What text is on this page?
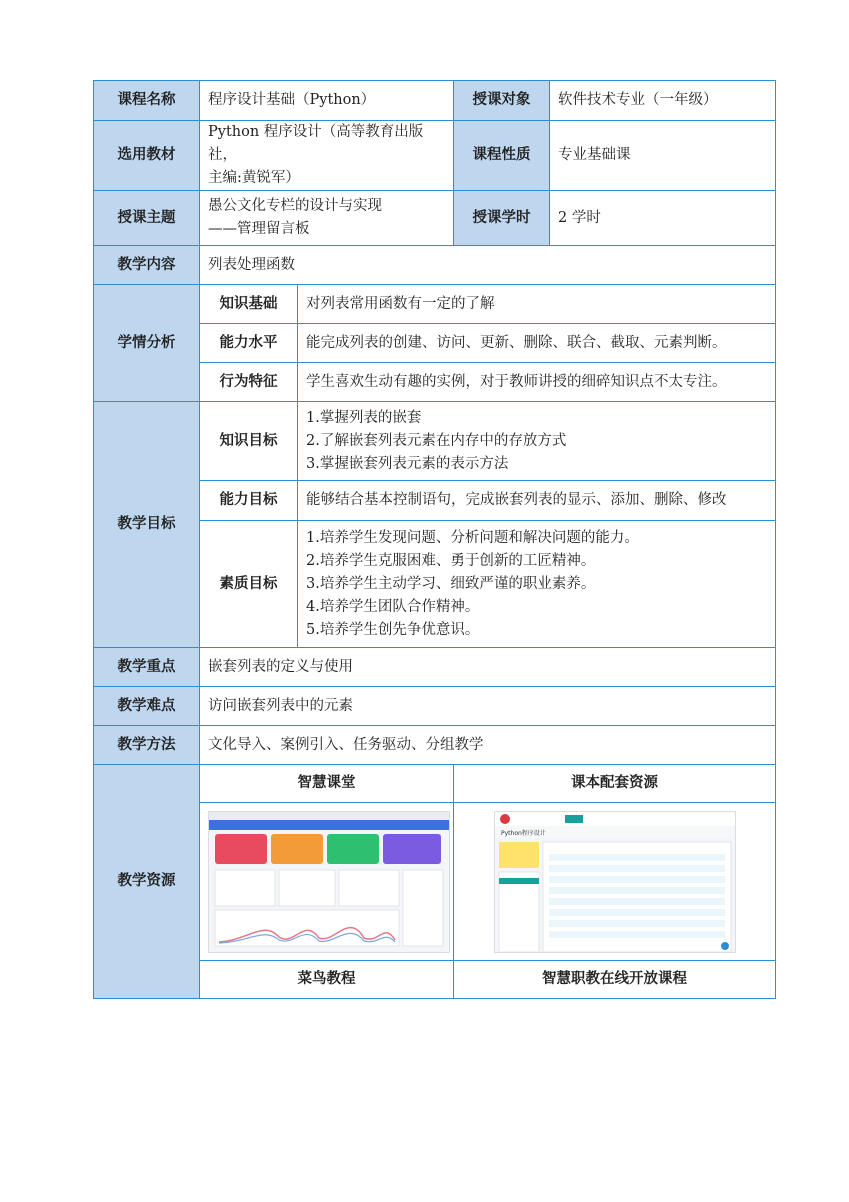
课程名称	程序设计基础（Python）		授课对象	软件技术专业（一年级）
选用教材	Python 程序设计（高等教育出版社，
主编:黄锐军）		课程性质	专业基础课
授课主题	愚公文化专栏的设计与实现
——管理留言板		授课学时	2 学时
教学内容	列表处理函数			
学情分析	知识基础	对列表常用函数有一定的了解		
	能力水平	能完成列表的创建、访问、更新、删除、联合、截取、元素判断。		
	行为特征	学生喜欢生动有趣的实例，对于教师讲授的细碎知识点不太专注。		
教学目标	知识目标	1.掌握列表的嵌套
2.了解嵌套列表元素在内存中的存放方式
3.掌握嵌套列表元素的表示方法		

	能力目标	能够结合基本控制语句，完成嵌套列表的显示、添加、删除、修改		
	素质目标	1.培养学生发现问题、分析问题和解决问题的能力。
2.培养学生克服困难、勇于创新的工匠精神。
3.培养学生主动学习、细致严谨的职业素养。
4.培养学生团队合作精神。
5.培养学生创先争优意识。		

教学重点	嵌套列表的定义与使用			
教学难点	访问嵌套列表中的元素			
教学方法	文化导入、案例引入、任务驱动、分组教学			
教学资源	智慧课堂		课本配套资源	

Python程序设计	

	菜鸟教程		智慧职教在线开放课程	
